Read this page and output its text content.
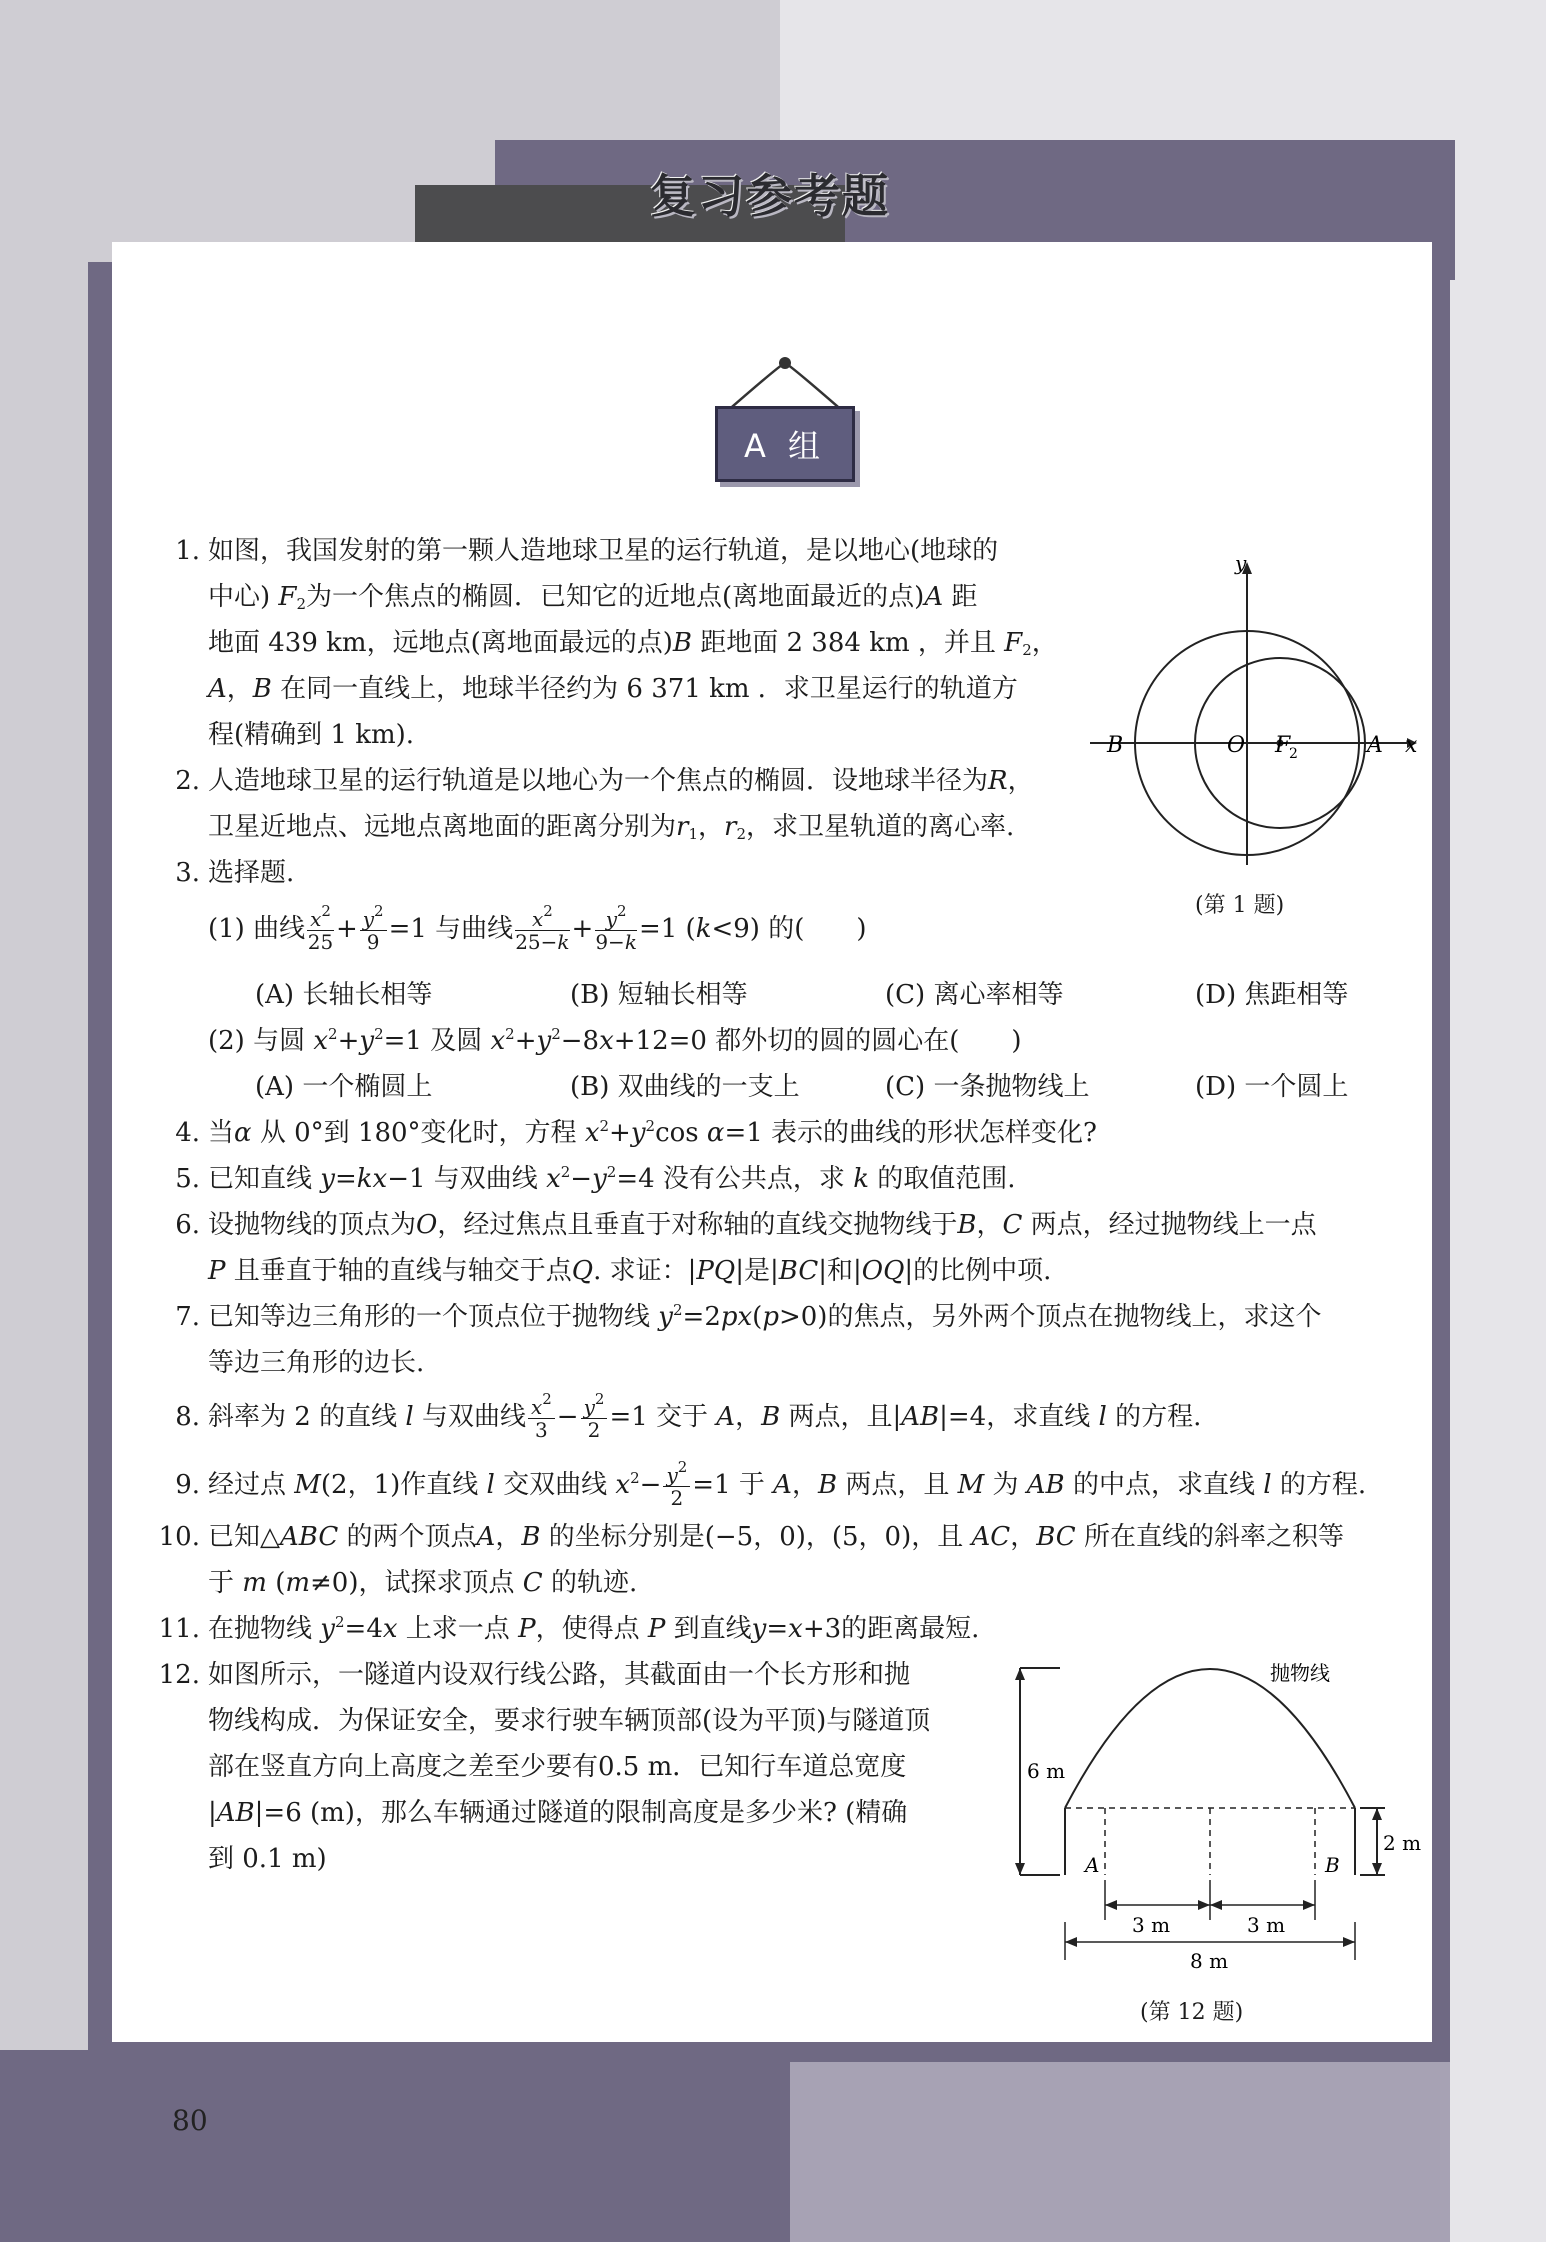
复习参考题
A 组
1. 如图，我国发射的第一颗人造地球卫星的运行轨道，是以地心(地球的
中心) $F_2$为一个焦点的椭圆．已知它的近地点(离地面最近的点)A 距
地面 439 km，远地点(离地面最远的点)B 距地面 2 384 km ，并且 $F_2$，
A，B 在同一直线上，地球半径约为 6 371 km ．求卫星运行的轨道方
程(精确到 1 km).
y
x
B	O F
2	A
(第 1 题)
2. 人造地球卫星的运行轨道是以地心为一个焦点的椭圆．设地球半径为R，
卫星近地点、远地点离地面的距离分别为$r_1$，$r_2$，求卫星轨道的离心率.
3. 选择题.
(1) 曲线 $\frac{x^2}{25} + \frac{y^2}{9} =1$ 与曲线 $\frac{x^2}{25-k} + \frac{y^2}{9-k} =1$ (k<9) 的(　　)
(A) 长轴长相等	(B) 短轴长相等	(C) 离心率相等	(D) 焦距相等
(2) 与圆 $x^2+y^2=1$ 及圆 $x^2+y^2-8x+12=0$ 都外切的圆的圆心在(　　)
(A) 一个椭圆上	(B) 双曲线的一支上	(C) 一条抛物线上	(D) 一个圆上
4. 当α 从 0°到 180°变化时，方程 $x^2+y^2\cos$ α=1 表示的曲线的形状怎样变化?
5. 已知直线 y=kx−1 与双曲线 $x^2-y^2=4$ 没有公共点，求 k 的取值范围.
6. 设抛物线的顶点为O，经过焦点且垂直于对称轴的直线交抛物线于B，C 两点，经过抛物线上一点
P 且垂直于轴的直线与轴交于点Q. 求证：|PQ|是|BC|和|OQ|的比例中项.
7. 已知等边三角形的一个顶点位于抛物线 $y^2=2px(p>0)$的焦点，另外两个顶点在抛物线上，求这个
等边三角形的边长.
8. 斜率为 2 的直线 l 与双曲线 $\frac{x^2}{3} - \frac{y^2}{2} =1$ 交于 A，B 两点，且|AB|=4，求直线 l 的方程.
9. 经过点 M(2，1)作直线 l 交双曲线 $x^2- \frac{y^2}{2} =1$ 于 A，B 两点，且 M 为 AB 的中点，求直线 l 的方程.
10. 已知△ABC 的两个顶点A，B 的坐标分别是(−5，0)，(5，0)，且 AC，BC 所在直线的斜率之积等
于 m (m≠0)，试探求顶点 C 的轨迹.
11. 在抛物线 $y^2=4x$ 上求一点 P，使得点 P 到直线y=x+3的距离最短.
12. 如图所示，一隧道内设双行线公路，其截面由一个长方形和抛
物线构成．为保证安全，要求行驶车辆顶部(设为平顶)与隧道顶
部在竖直方向上高度之差至少要有0.5 m．已知行车道总宽度
|AB|=6 (m)，那么车辆通过隧道的限制高度是多少米? (精确
到 0.1 m)
抛物线
6 m
2 m
A	B
3 m	3 m
8 m
(第 12 题)
80
